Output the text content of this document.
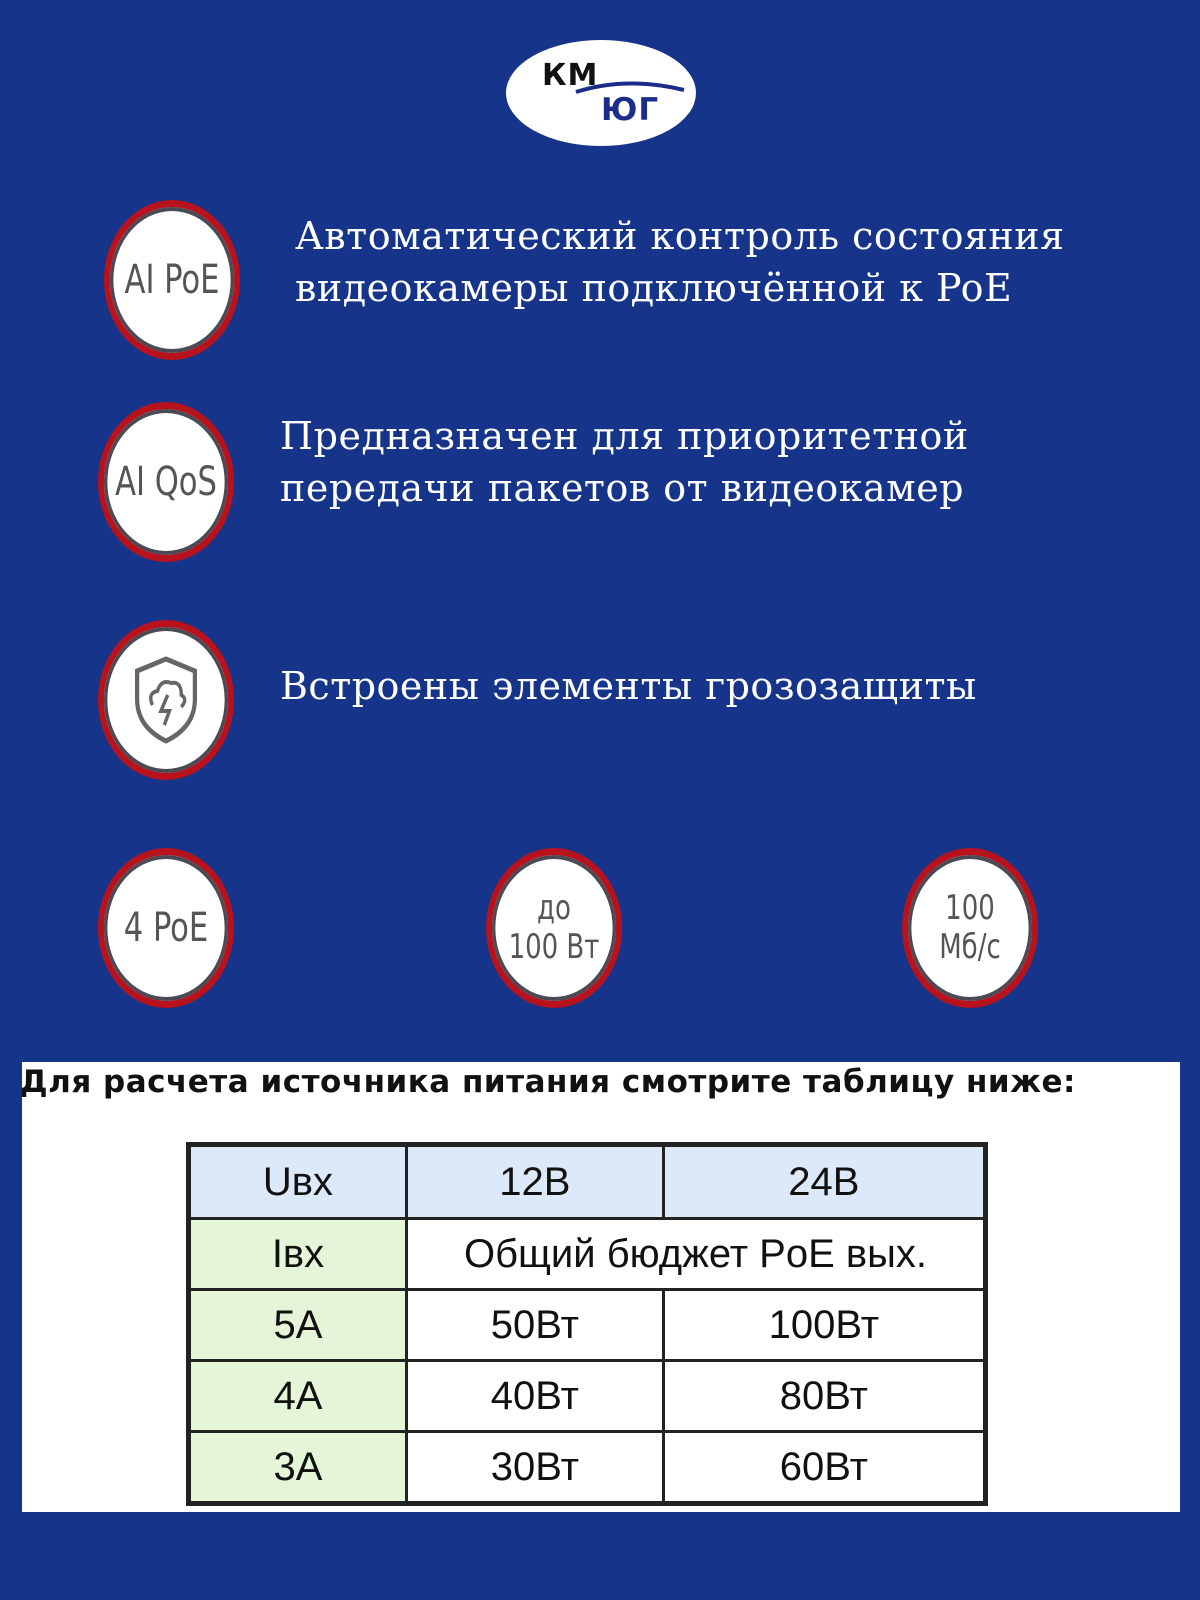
КМ
ЮГ
AI PoE
Автоматический контроль состояния видеокамеры подключённой к PoE
AI QoS
Предназначен для приоритетной передачи пакетов от видеокамер
Встроены элементы грозозащиты
4 PoE	до
100 Вт
100
Мб/с
Для расчета источника питания смотрите таблицу ниже:
Uвх	12В	24В
Iвх	Общий бюджет PoE вых.	
5А	50Вт	100Вт
4А	40Вт	80Вт
3А	30Вт	60Вт
